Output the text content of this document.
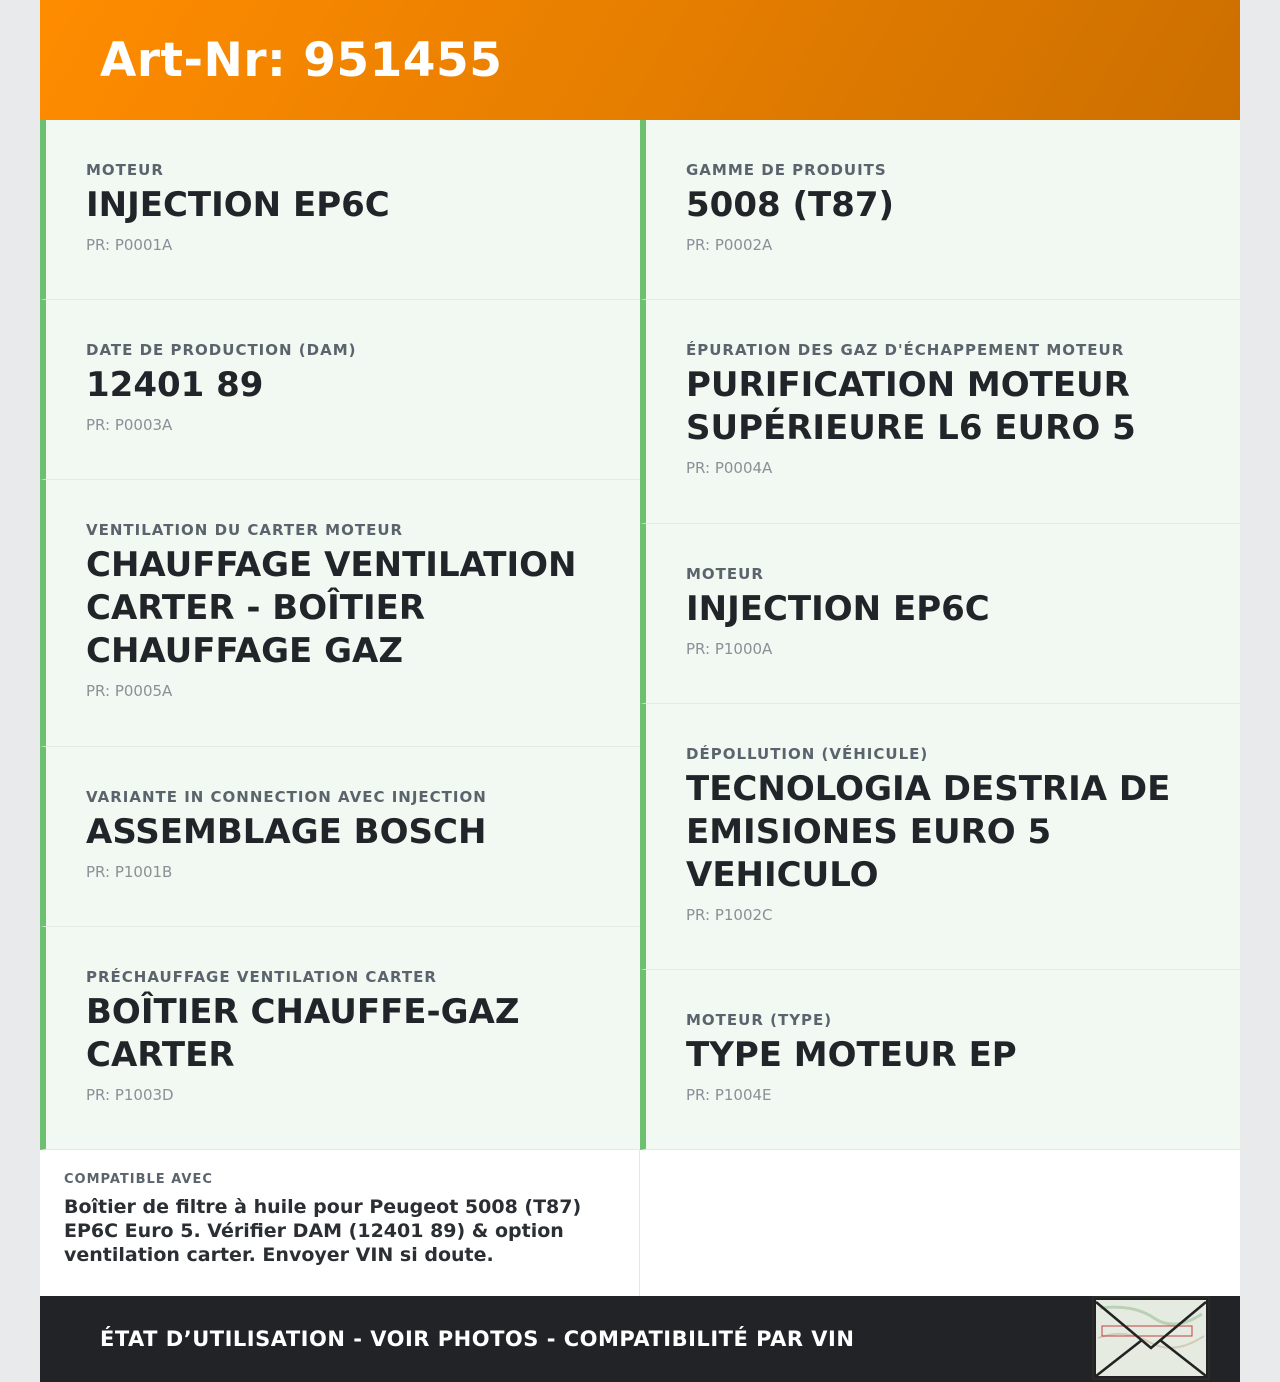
Art-Nr: 951455
MOTEUR
INJECTION EP6C
PR: P0001A
DATE DE PRODUCTION (DAM)
12401 89
PR: P0003A
VENTILATION DU CARTER MOTEUR
CHAUFFAGE VENTILATION CARTER - BOÎTIER CHAUFFAGE GAZ
PR: P0005A
VARIANTE IN CONNECTION AVEC INJECTION
ASSEMBLAGE BOSCH
PR: P1001B
PRÉCHAUFFAGE VENTILATION CARTER
BOÎTIER CHAUFFE-GAZ CARTER
PR: P1003D
GAMME DE PRODUITS
5008 (T87)
PR: P0002A
ÉPURATION DES GAZ D'ÉCHAPPEMENT MOTEUR
PURIFICATION MOTEUR SUPÉRIEURE L6 EURO 5
PR: P0004A
MOTEUR
INJECTION EP6C
PR: P1000A
DÉPOLLUTION (VÉHICULE)
TECNOLOGIA DESTRIA DE EMISIONES EURO 5 VEHICULO
PR: P1002C
MOTEUR (TYPE)
TYPE MOTEUR EP
PR: P1004E
COMPATIBLE AVEC
Boîtier de filtre à huile pour Peugeot 5008 (T87) EP6C Euro 5. Vérifier DAM (12401 89) & option ventilation carter. Envoyer VIN si doute.
ÉTAT D’UTILISATION - VOIR PHOTOS - COMPATIBILITÉ PAR VIN
